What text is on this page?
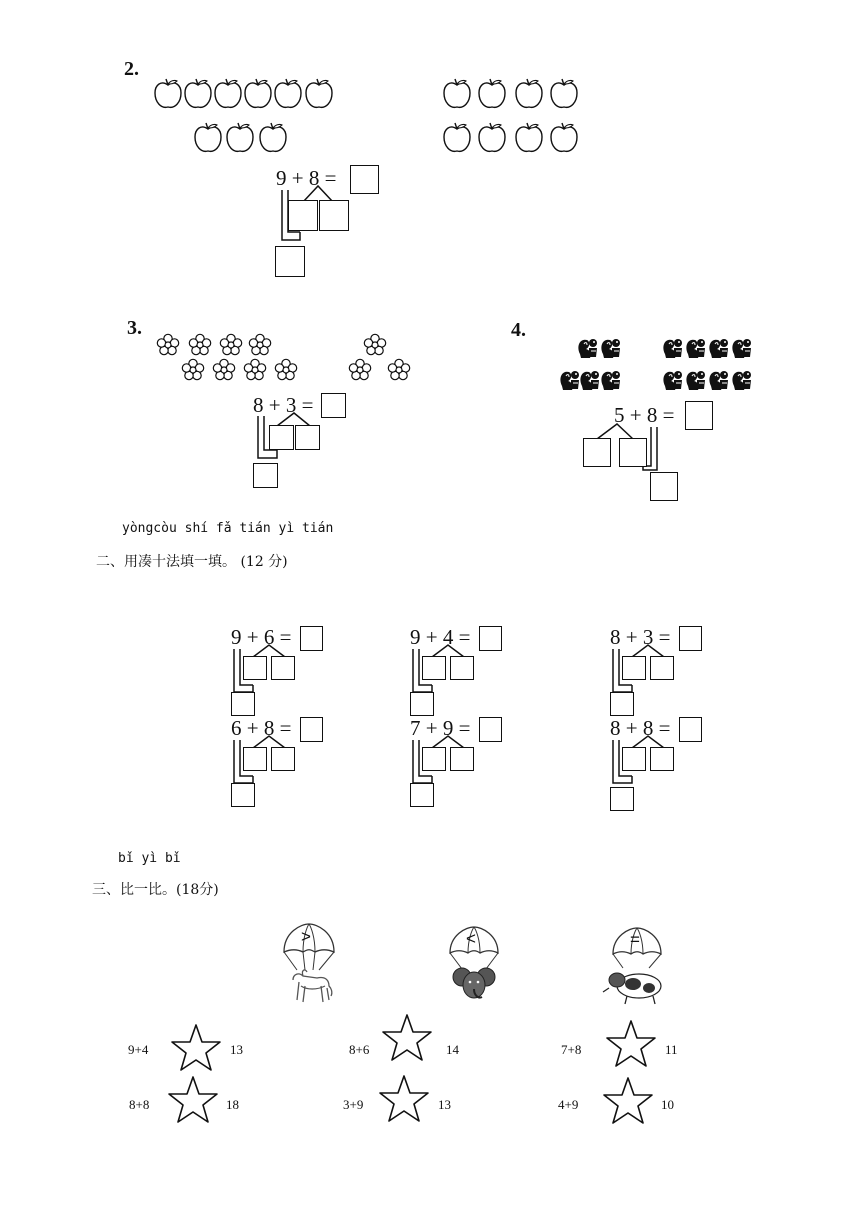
2.
9 + 8 =
3.
8 + 3 =
4.
5 + 8 =
yòngcòu shí fǎ tián yì tián
二、用凑十法填一填。 (12 分)
9 + 6 =	9 + 4 =	8 + 3 =
6 + 8 =	7 + 9 =	8 + 8 =
bǐ yì bǐ
三、比一比。(18分)
>	<	=
9+4	13	8+6	14	7+8	11
8+8	18	3+9	13	4+9	10
